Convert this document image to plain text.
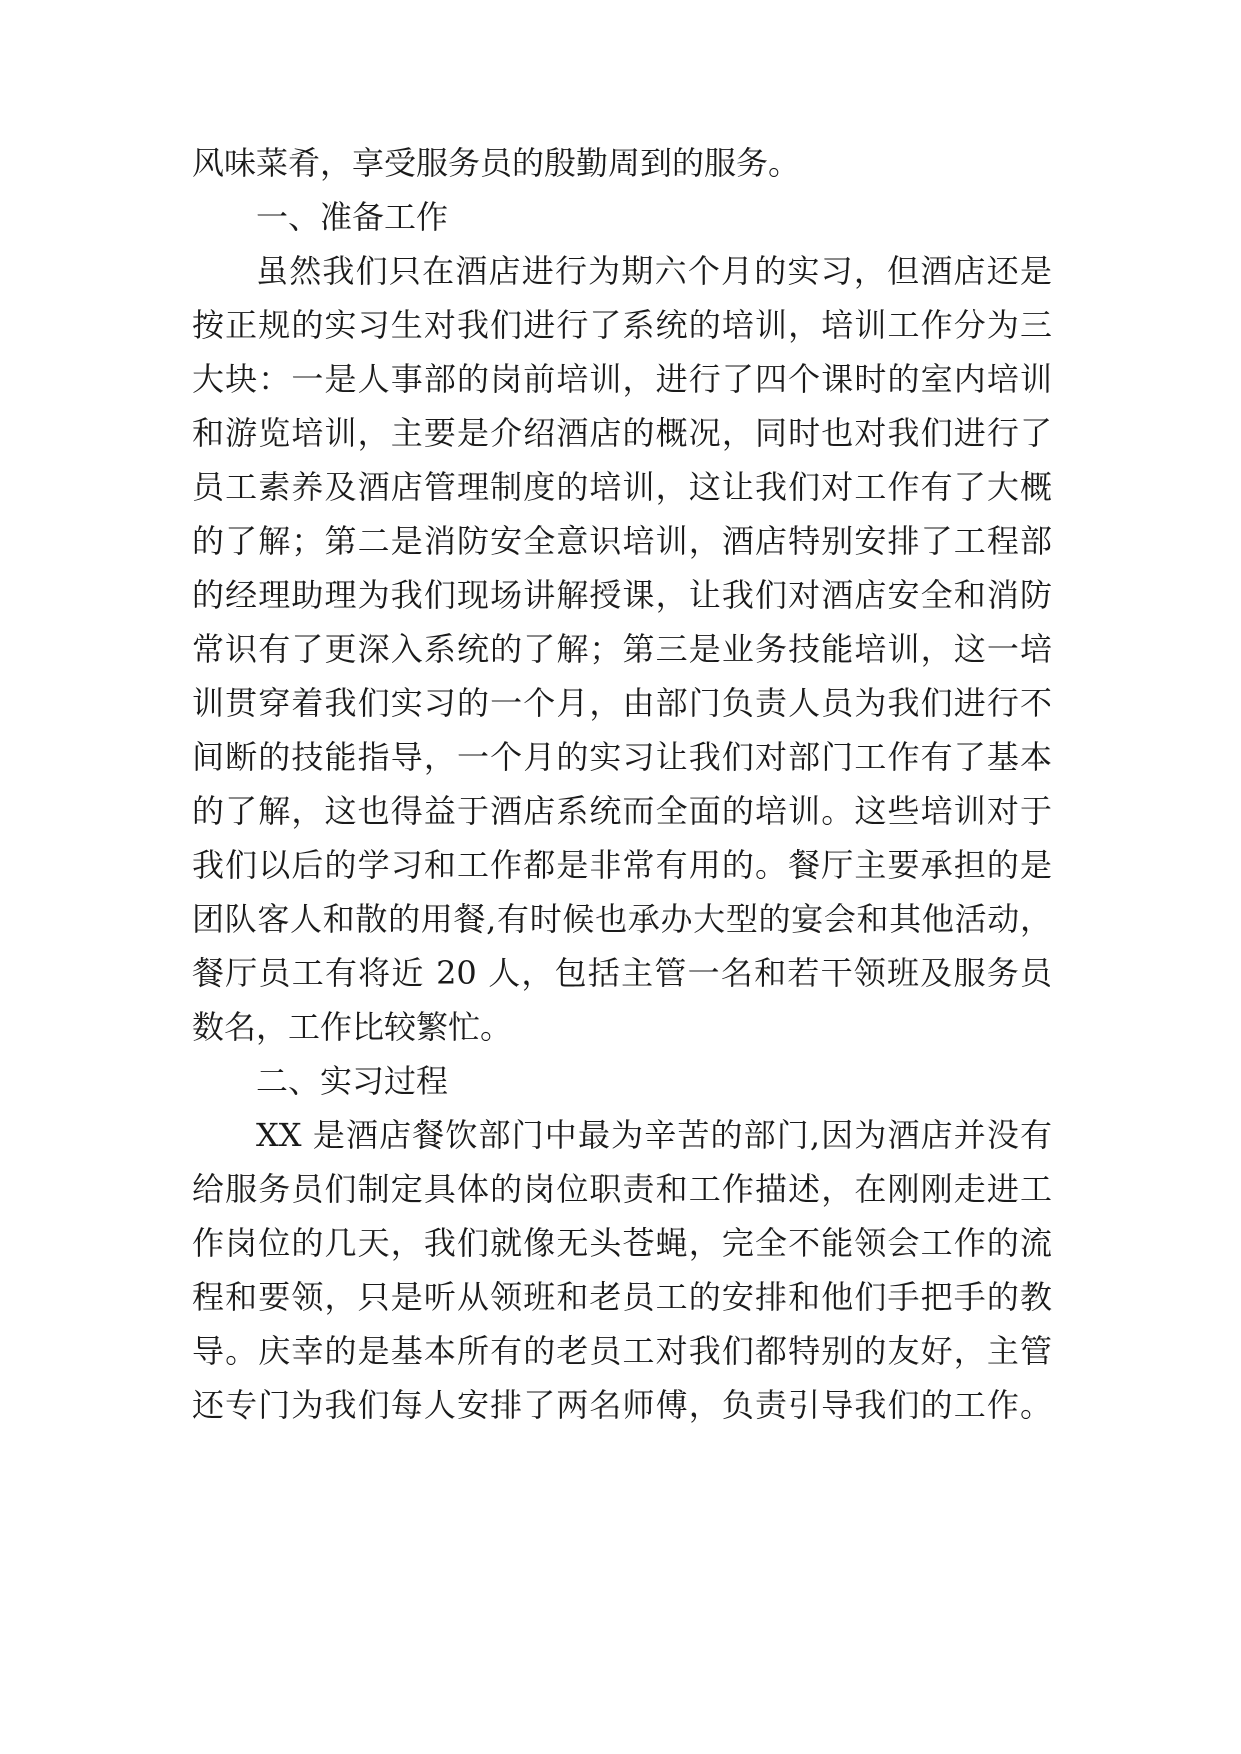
风味菜肴，享受服务员的殷勤周到的服务。
一、准备工作
虽然我们只在酒店进行为期六个月的实习，但酒店还是
按正规的实习生对我们进行了系统的培训，培训工作分为三
大块：一是人事部的岗前培训，进行了四个课时的室内培训
和游览培训，主要是介绍酒店的概况，同时也对我们进行了
员工素养及酒店管理制度的培训，这让我们对工作有了大概
的了解；第二是消防安全意识培训，酒店特别安排了工程部
的经理助理为我们现场讲解授课，让我们对酒店安全和消防
常识有了更深入系统的了解；第三是业务技能培训，这一培
训贯穿着我们实习的一个月，由部门负责人员为我们进行不
间断的技能指导，一个月的实习让我们对部门工作有了基本
的了解，这也得益于酒店系统而全面的培训。这些培训对于
我们以后的学习和工作都是非常有用的。餐厅主要承担的是
团队客人和散的用餐,有时候也承办大型的宴会和其他活动，
餐厅员工有将近 20 人，包括主管一名和若干领班及服务员
数名，工作比较繁忙。
二、实习过程
XX 是酒店餐饮部门中最为辛苦的部门,因为酒店并没有
给服务员们制定具体的岗位职责和工作描述，在刚刚走进工
作岗位的几天，我们就像无头苍蝇，完全不能领会工作的流
程和要领，只是听从领班和老员工的安排和他们手把手的教
导。庆幸的是基本所有的老员工对我们都特别的友好，主管
还专门为我们每人安排了两名师傅，负责引导我们的工作。
